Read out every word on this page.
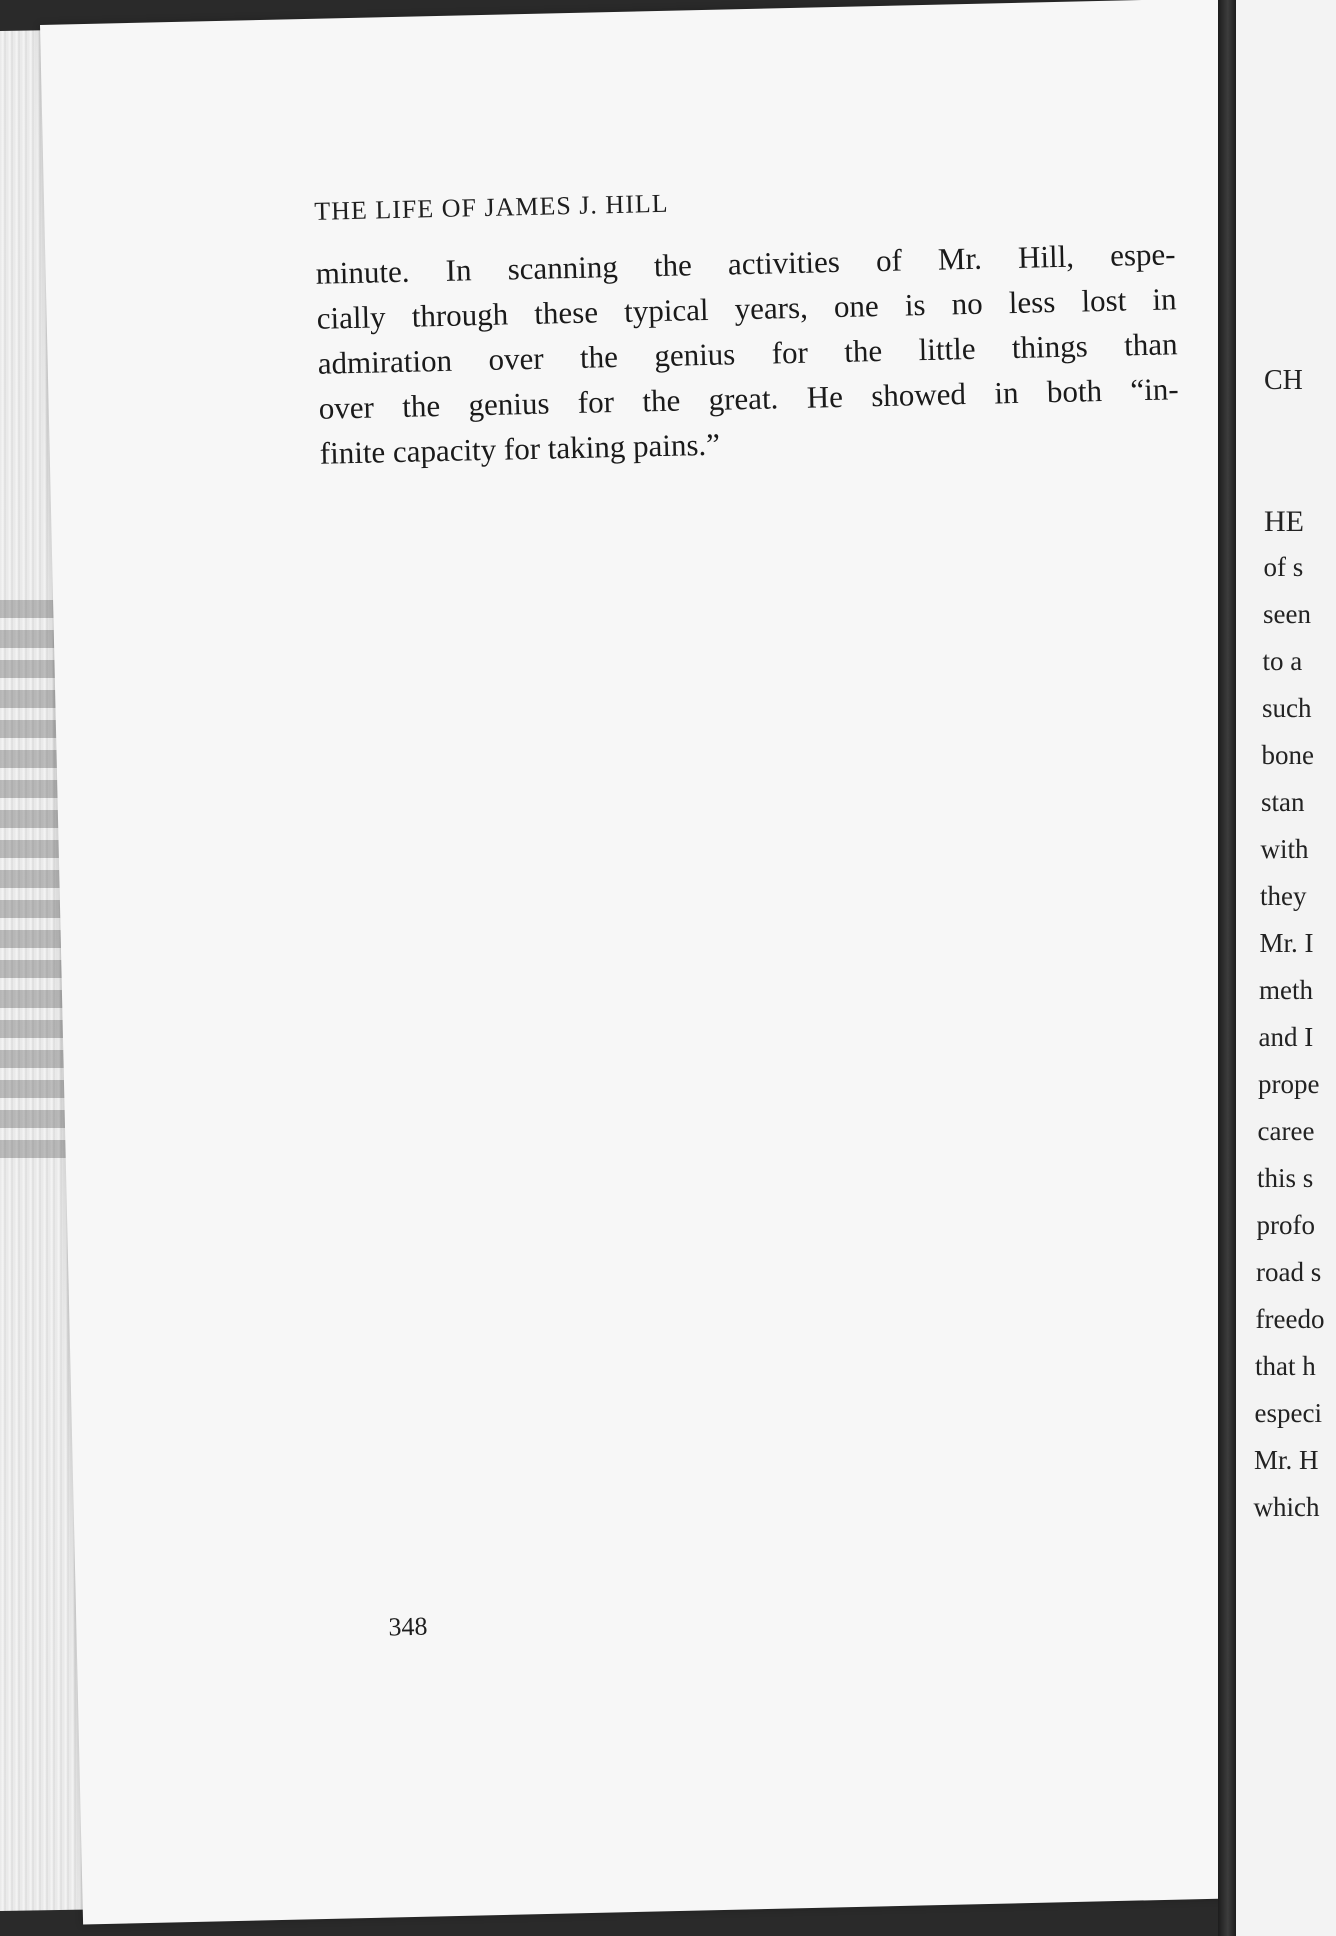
THE LIFE OF JAMES J. HILL
minute. In scanning the activities of Mr. Hill, espe-
cially through these typical years, one is no less lost in
admiration over the genius for the little things than
over the genius for the great. He showed in both “in-
finite capacity for taking pains.”
348
CH
HE
of s
seen
to a
such
bone
stan
with
they
Mr. I
meth
and I
prope
caree
this s
profo
road s
freedo
that h
especi
Mr. H
which
